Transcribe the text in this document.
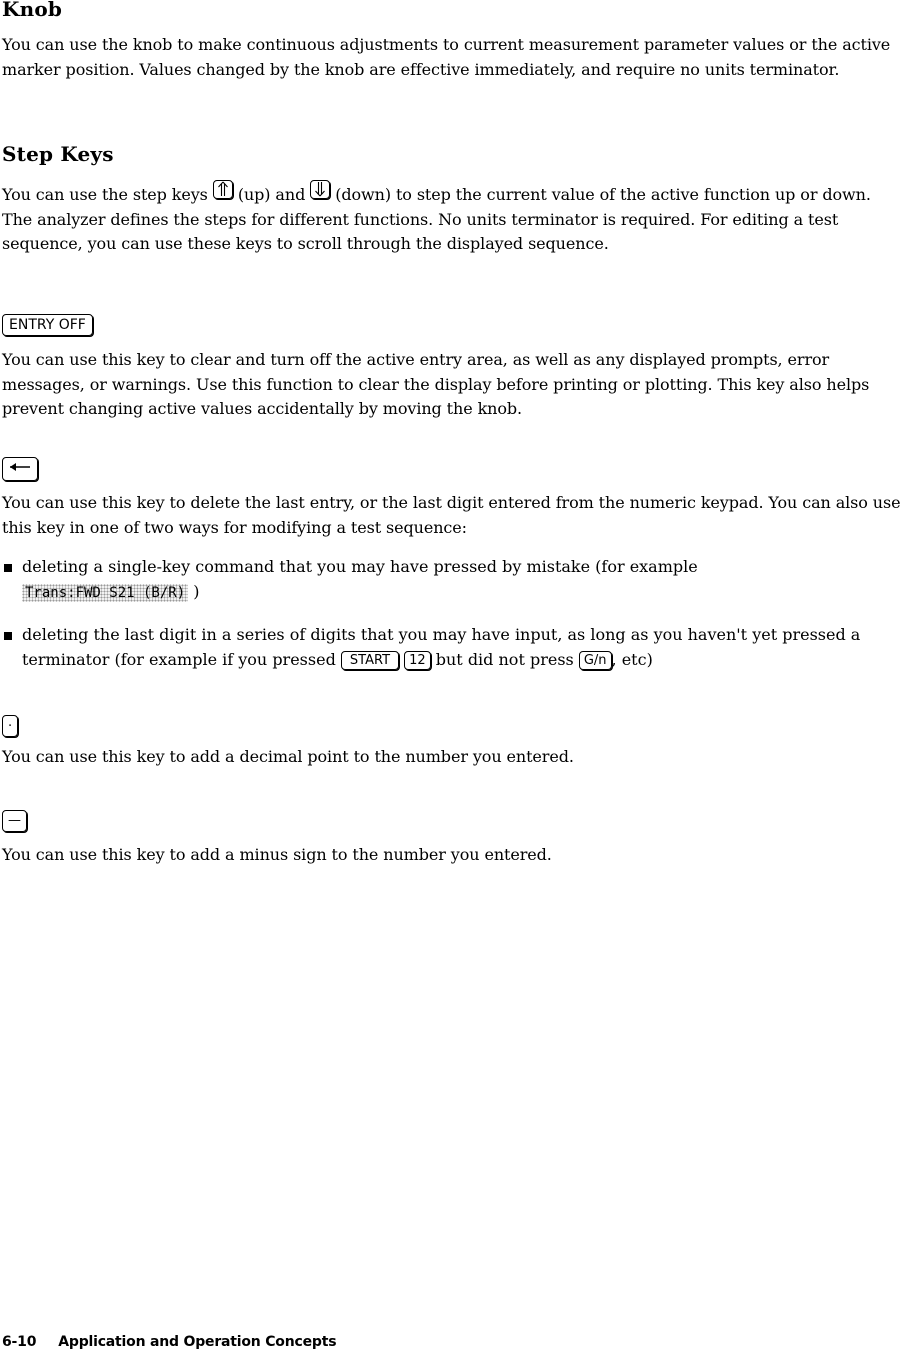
Knob

You can use the knob to make continuous adjustments to current measurement parameter values or the active marker position. Values changed by the knob are effective immediately, and require no units terminator.

Step Keys

You can use the step keys (up) and (down) to step the current value of the active function up or down. The analyzer defines the steps for different functions. No units terminator is required. For editing a test sequence, you can use these keys to scroll through the displayed sequence.

ENTRY OFF

You can use this key to clear and turn off the active entry area, as well as any displayed prompts, error messages, or warnings. Use this function to clear the display before printing or plotting. This key also helps prevent changing active values accidentally by moving the knob.

You can use this key to delete the last entry, or the last digit entered from the numeric keypad. You can also use this key in one of two ways for modifying a test sequence:

deleting a single-key command that you may have pressed by mistake (for example
Trans:FWD S21 (B/R) )
deleting the last digit in a series of digits that you may have input, as long as you haven't yet pressed a terminator (for example if you pressed START 12 but did not press G/n , etc)
.

You can use this key to add a decimal point to the number you entered.

—

You can use this key to add a minus sign to the number you entered.

6-10 Application and Operation Concepts
